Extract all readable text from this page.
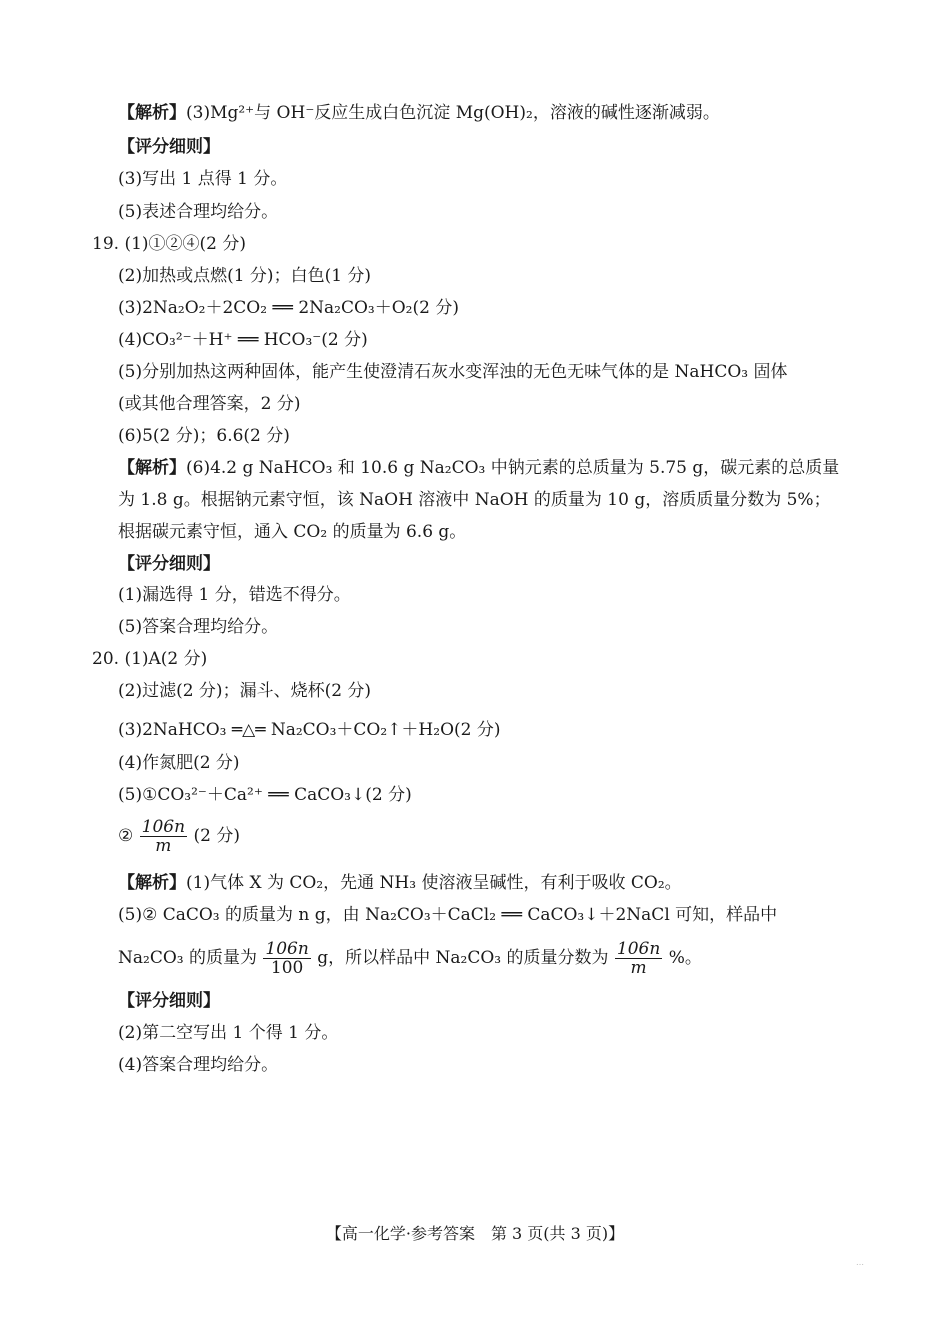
【解析】(3)Mg²⁺与 OH⁻反应生成白色沉淀 Mg(OH)₂，溶液的碱性逐渐减弱。
【评分细则】
(3)写出 1 点得 1 分。
(5)表述合理均给分。
19. (1)①②④(2 分)
(2)加热或点燃(1 分)；白色(1 分)
(3)2Na₂O₂＋2CO₂ ══ 2Na₂CO₃＋O₂(2 分)
(4)CO₃²⁻＋H⁺ ══ HCO₃⁻(2 分)
(5)分别加热这两种固体，能产生使澄清石灰水变浑浊的无色无味气体的是 NaHCO₃ 固体
(或其他合理答案，2 分)
(6)5(2 分)；6.6(2 分)
【解析】(6)4.2 g NaHCO₃ 和 10.6 g Na₂CO₃ 中钠元素的总质量为 5.75 g，碳元素的总质量
为 1.8 g。根据钠元素守恒，该 NaOH 溶液中 NaOH 的质量为 10 g，溶质质量分数为 5%；
根据碳元素守恒，通入 CO₂ 的质量为 6.6 g。
【评分细则】
(1)漏选得 1 分，错选不得分。
(5)答案合理均给分。
20. (1)A(2 分)
(2)过滤(2 分)；漏斗、烧杯(2 分)
(3)2NaHCO₃ ═△═ Na₂CO₃＋CO₂↑＋H₂O(2 分)
(4)作氮肥(2 分)
(5)①CO₃²⁻＋Ca²⁺ ══ CaCO₃↓(2 分)
【解析】(1)气体 X 为 CO₂，先通 NH₃ 使溶液呈碱性，有利于吸收 CO₂。
(5)② CaCO₃ 的质量为 n g，由 Na₂CO₃＋CaCl₂ ══ CaCO₃↓＋2NaCl 可知，样品中
【评分细则】
(2)第二空写出 1 个得 1 分。
(4)答案合理均给分。
② $\frac{106n}{m} (2$ 分)
Na₂CO₃ 的质量为 $\frac{106n}{100}$ g，所以样品中 Na₂CO₃ 的质量分数为 $\frac{106n}{m}$ %。
【高一化学·参考答案　第 3 页(共 3 页)】
…
